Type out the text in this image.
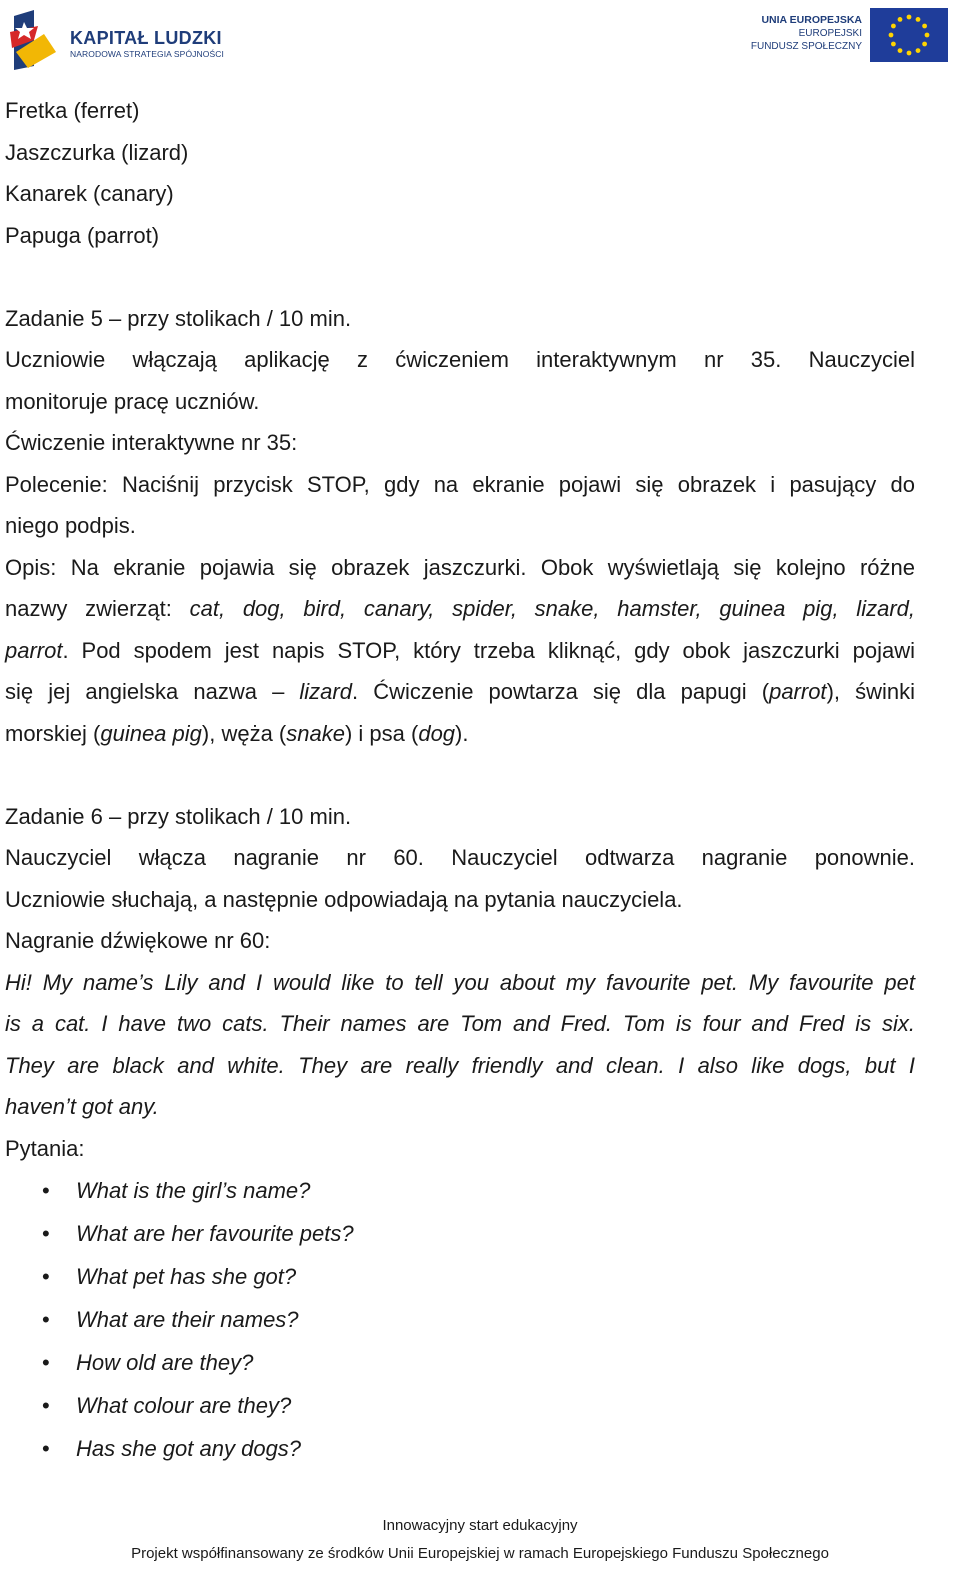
KAPITAŁ LUDZKI
NARODOWA STRATEGIA SPÓJNOŚCI
UNIA EUROPEJSKA
EUROPEJSKI
FUNDUSZ SPOŁECZNY
Fretka (ferret)
Jaszczurka (lizard)
Kanarek (canary)
Papuga (parrot)
Zadanie 5 – przy stolikach / 10 min.
Uczniowie włączają aplikację z ćwiczeniem interaktywnym nr 35. Nauczyciel
monitoruje pracę uczniów.
Ćwiczenie interaktywne nr 35:
Polecenie: Naciśnij przycisk STOP, gdy na ekranie pojawi się obrazek i pasujący do
niego podpis.
Opis: Na ekranie pojawia się obrazek jaszczurki. Obok wyświetlają się kolejno różne
nazwy zwierząt: cat, dog, bird, canary, spider, snake, hamster, guinea pig, lizard,
parrot. Pod spodem jest napis STOP, który trzeba kliknąć, gdy obok jaszczurki pojawi
się jej angielska nazwa – lizard. Ćwiczenie powtarza się dla papugi (parrot), świnki
morskiej (guinea pig), węża (snake) i psa (dog).
Zadanie 6 – przy stolikach / 10 min.
Nauczyciel włącza nagranie nr 60. Nauczyciel odtwarza nagranie ponownie.
Uczniowie słuchają, a następnie odpowiadają na pytania nauczyciela.
Nagranie dźwiękowe nr 60:
Hi! My name’s Lily and I would like to tell you about my favourite pet. My favourite pet
is a cat. I have two cats. Their names are Tom and Fred. Tom is four and Fred is six.
They are black and white. They are really friendly and clean. I also like dogs, but I
haven’t got any.
Pytania:
• What is the girl’s name?
• What are her favourite pets?
• What pet has she got?
• What are their names?
• How old are they?
• What colour are they?
• Has she got any dogs?
Innowacyjny start edukacyjny
Projekt współfinansowany ze środków Unii Europejskiej w ramach Europejskiego Funduszu Społecznego
